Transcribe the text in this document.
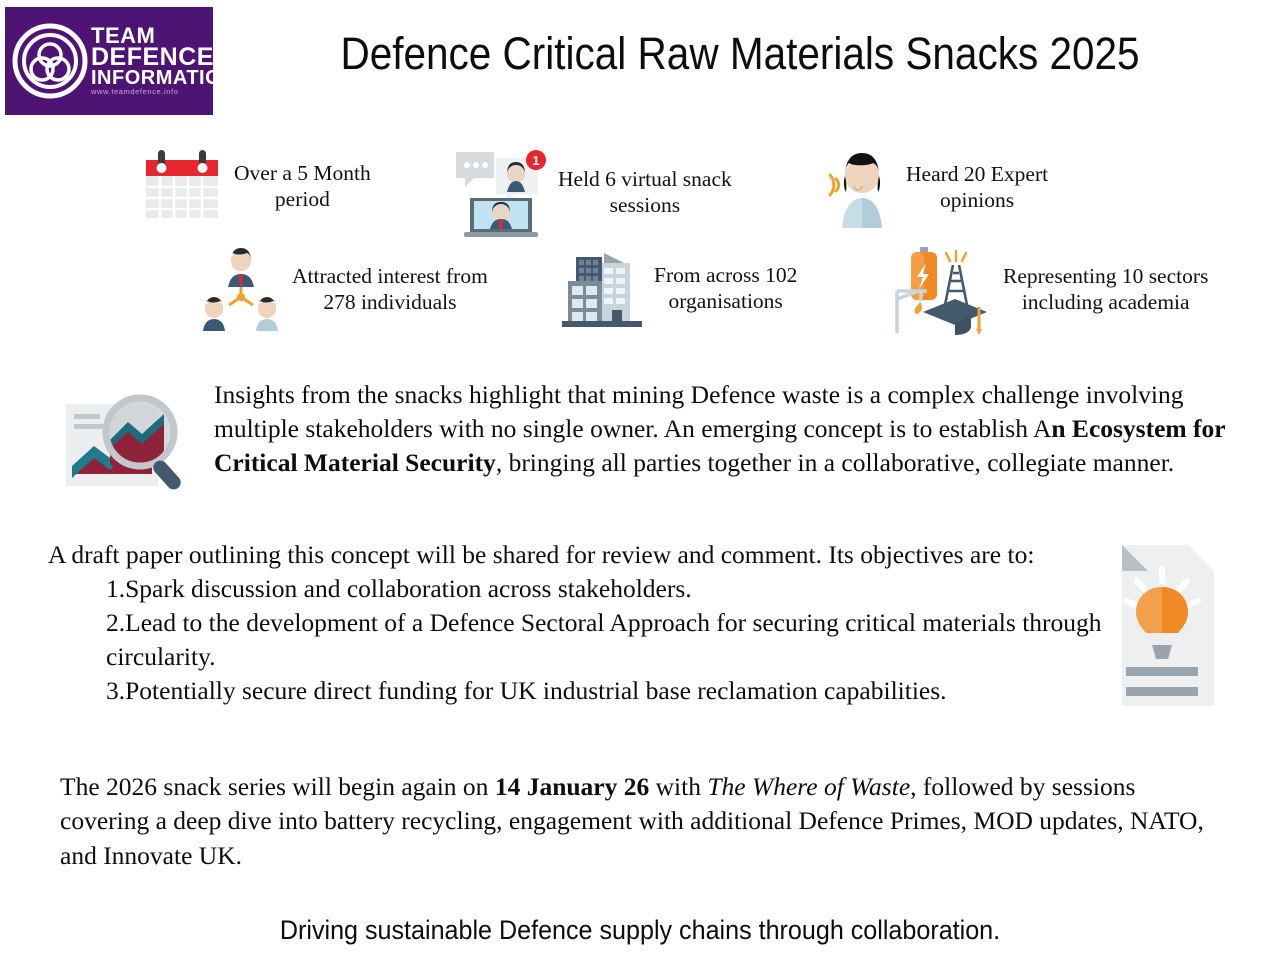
TEAM
DEFENCE
INFORMATION
www.teamdefence.info
Defence Critical Raw Materials Snacks 2025
Over a 5 Month
period
1
Held 6 virtual snack
sessions
Heard 20 Expert
opinions
Attracted interest from
278 individuals
From across 102
organisations
Representing 10 sectors
including academia

Insights from the snacks highlight that mining Defence waste is a complex challenge involving multiple stakeholders with no single owner. An emerging concept is to establish An Ecosystem for Critical Material Security, bringing all parties together in a collaborative, collegiate manner.

A draft paper outlining this concept will be shared for review and comment. Its objectives are to:
1.Spark discussion and collaboration across stakeholders.
2.Lead to the development of a Defence Sectoral Approach for securing critical materials through circularity.
3.Potentially secure direct funding for UK industrial base reclamation capabilities.
The 2026 snack series will begin again on 14 January 26 with The Where of Waste, followed by sessions covering a deep dive into battery recycling, engagement with additional Defence Primes, MOD updates, NATO, and Innovate UK.
Driving sustainable Defence supply chains through collaboration.
